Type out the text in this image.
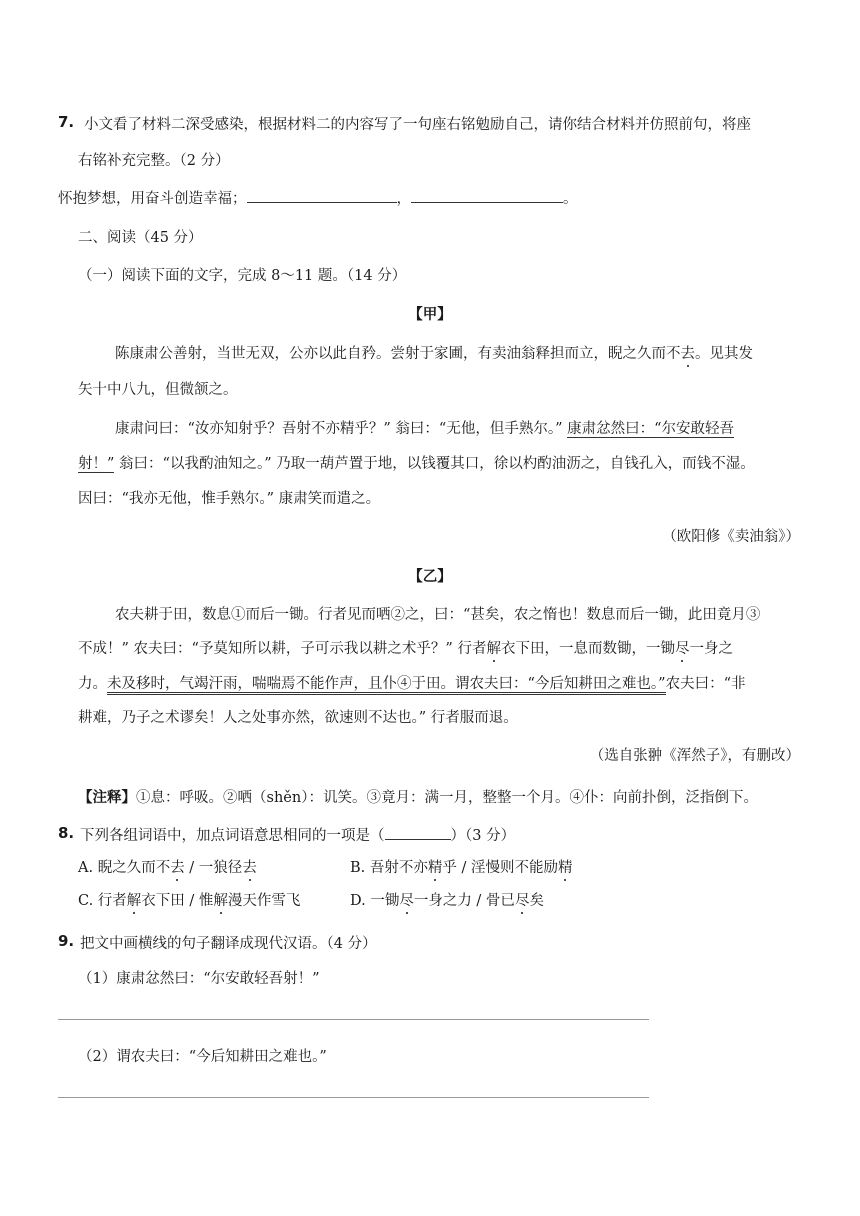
7. 小文看了材料二深受感染，根据材料二的内容写了一句座右铭勉励自己，请你结合材料并仿照前句，将座
右铭补充完整。（2 分）
怀抱梦想，用奋斗创造幸福；	，	。
二、阅读（45 分）
（一）阅读下面的文字，完成 8～11 题。（14 分）
【甲】
陈康肃公善射，当世无双，公亦以此自矜。尝射于家圃，有卖油翁释担而立，睨之久而不去。见其发
矢十中八九，但微颔之。
康肃问曰：“汝亦知射乎？吾射不亦精乎？” 翁曰：“无他，但手熟尔。” 康肃忿然曰：“尔安敢轻吾
射！” 翁曰：“以我酌油知之。” 乃取一葫芦置于地，以钱覆其口，徐以杓酌油沥之，自钱孔入，而钱不湿。
因曰：“我亦无他，惟手熟尔。” 康肃笑而遣之。
（欧阳修《卖油翁》）
【乙】
农夫耕于田，数息①而后一锄。行者见而哂②之，曰：“甚矣，农之惰也！数息而后一锄，此田竟月③
不成！” 农夫曰：“予莫知所以耕，子可示我以耕之术乎？” 行者解衣下田，一息而数锄，一锄尽一身之
力。未及移时，气竭汗雨，喘喘焉不能作声，且仆④于田。谓农夫曰：“今后知耕田之难也。”农夫曰：“非
耕难，乃子之术谬矣！人之处事亦然，欲速则不达也。” 行者服而退。
（选自张翀《浑然子》，有删改）
【注释】①息：呼吸。②哂（shěn）：讥笑。③竟月：满一月，整整一个月。④仆：向前扑倒，泛指倒下。
8. 下列各组词语中，加点词语意思相同的一项是（	）（3 分）
A. 睨之久而不去 / 一狼径去	B. 吾射不亦精乎 / 淫慢则不能励精
C. 行者解衣下田 / 惟解漫天作雪飞	D. 一锄尽一身之力 / 骨已尽矣
9. 把文中画横线的句子翻译成现代汉语。（4 分）
（1）康肃忿然曰：“尔安敢轻吾射！”
（2）谓农夫曰：“今后知耕田之难也。”
